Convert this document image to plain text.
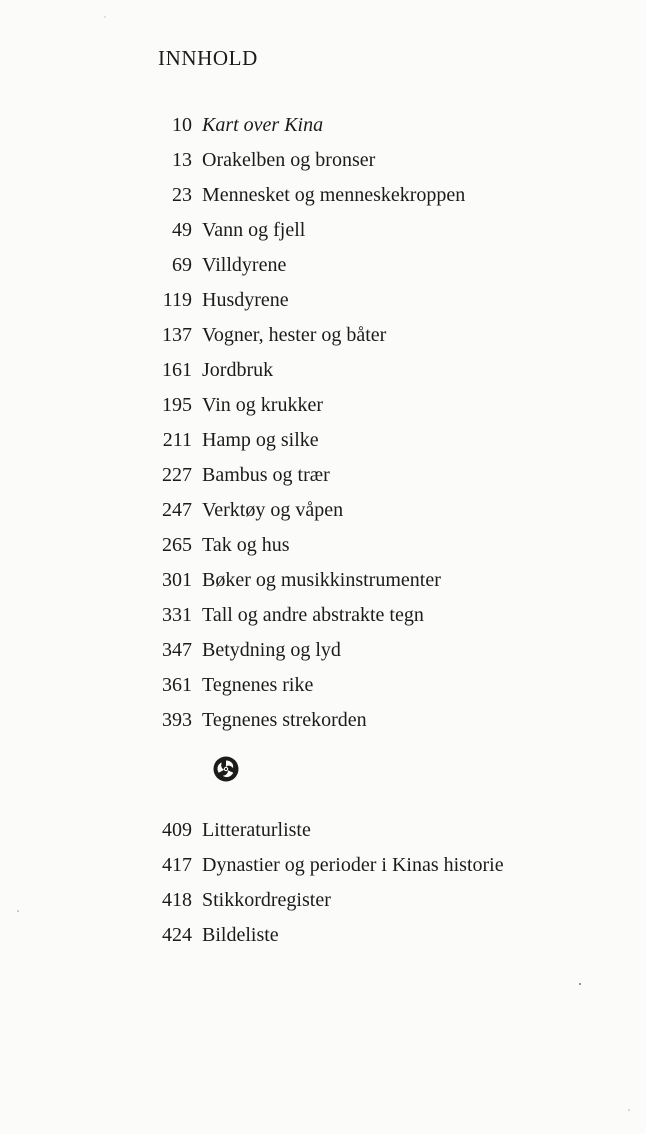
INNHOLD
10 Kart over Kina
13 Orakelben og bronser
23 Mennesket og menneskekroppen
49 Vann og fjell
69 Villdyrene
119 Husdyrene
137 Vogner, hester og båter
161 Jordbruk
195 Vin og krukker
211 Hamp og silke
227 Bambus og trær
247 Verktøy og våpen
265 Tak og hus
301 Bøker og musikkinstrumenter
331 Tall og andre abstrakte tegn
347 Betydning og lyd
361 Tegnenes rike
393 Tegnenes strekorden
409 Litteraturliste
417 Dynastier og perioder i Kinas historie
418 Stikkordregister
424 Bildeliste
